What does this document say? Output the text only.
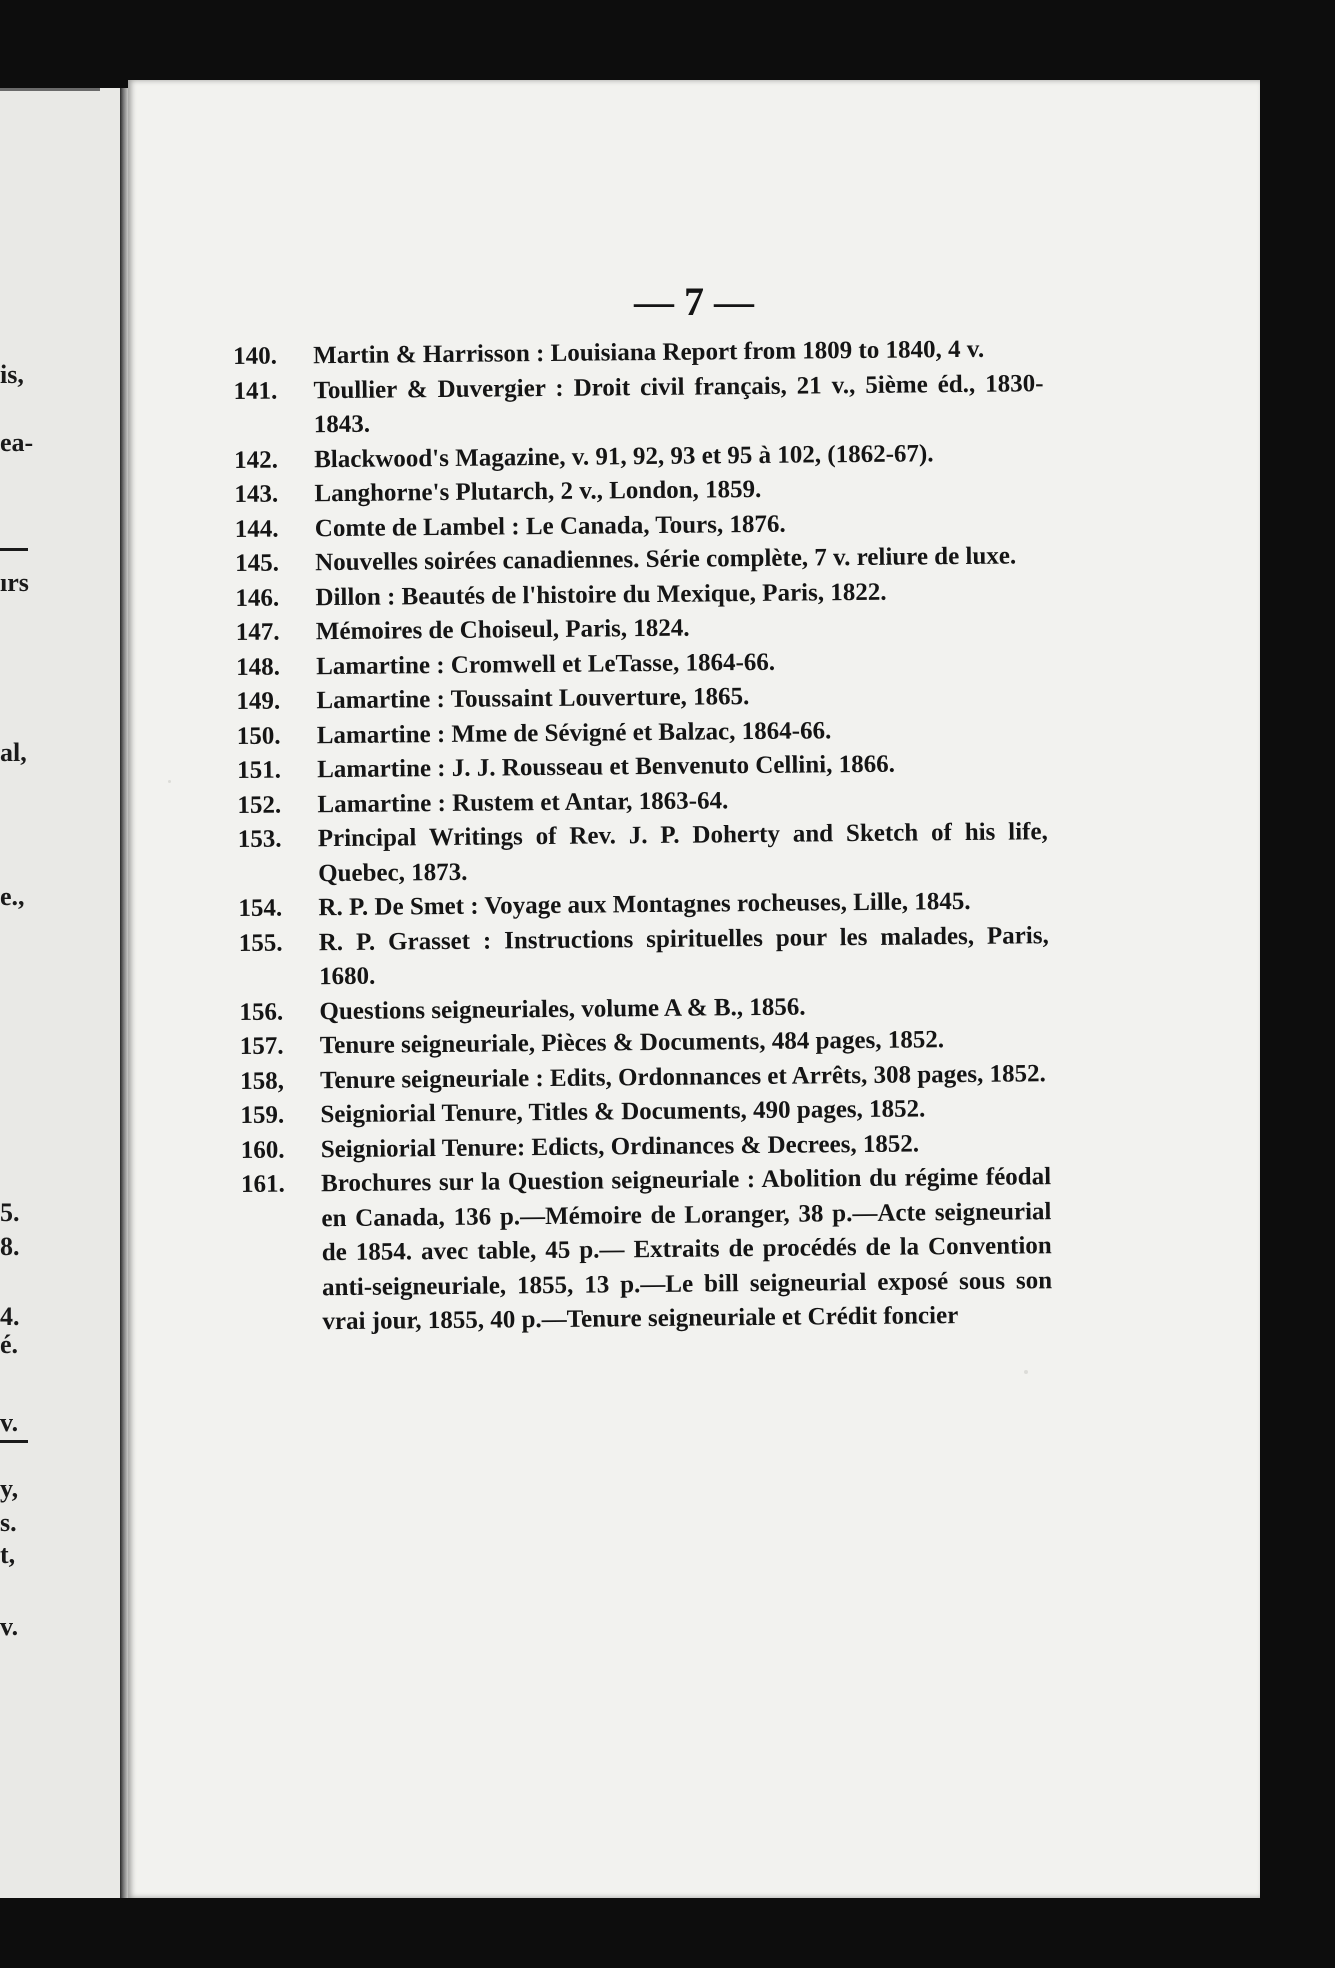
is,
ea-
ırs
al,
e.,
5.
8.
4.
é.
v.
y,
s.
t,
v.
— 7 —
140.	Martin & Harrisson : Louisiana Report from 1809 to 1840, 4 v.
141.	Toullier & Duvergier : Droit civil français, 21 v., 5ième éd., 1830-1843.
142.	Blackwood's Magazine, v. 91, 92, 93 et 95 à 102, (1862-67).
143.	Langhorne's Plutarch, 2 v., London, 1859.
144.	Comte de Lambel : Le Canada, Tours, 1876.
145.	Nouvelles soirées canadiennes. Série complète, 7 v. reliure de luxe.
146.	Dillon : Beautés de l'histoire du Mexique, Paris, 1822.
147.	Mémoires de Choiseul, Paris, 1824.
148.	Lamartine : Cromwell et LeTasse, 1864-66.
149.	Lamartine : Toussaint Louverture, 1865.
150.	Lamartine : Mme de Sévigné et Balzac, 1864-66.
151.	Lamartine : J. J. Rousseau et Benvenuto Cellini, 1866.
152.	Lamartine : Rustem et Antar, 1863-64.
153.	Principal Writings of Rev. J. P. Doherty and Sketch of his life, Quebec, 1873.
154.	R. P. De Smet : Voyage aux Montagnes rocheuses, Lille, 1845.
155.	R. P. Grasset : Instructions spirituelles pour les malades, Paris, 1680.
156.	Questions seigneuriales, volume A & B., 1856.
157.	Tenure seigneuriale, Pièces & Documents, 484 pages, 1852.
158,	Tenure seigneuriale : Edits, Ordonnances et Arrêts, 308 pages, 1852.
159.	Seigniorial Tenure, Titles & Documents, 490 pages, 1852.
160.	Seigniorial Tenure: Edicts, Ordinances & Decrees, 1852.
161.	Brochures sur la Question seigneuriale : Abolition du régime féodal en Canada, 136 p.—Mémoire de Loranger, 38 p.—Acte seigneurial de 1854. avec table, 45 p.— Extraits de procédés de la Convention anti-seigneuriale, 1855, 13 p.—Le bill seigneurial exposé sous son vrai jour, 1855, 40 p.—Tenure seigneuriale et Crédit foncier
